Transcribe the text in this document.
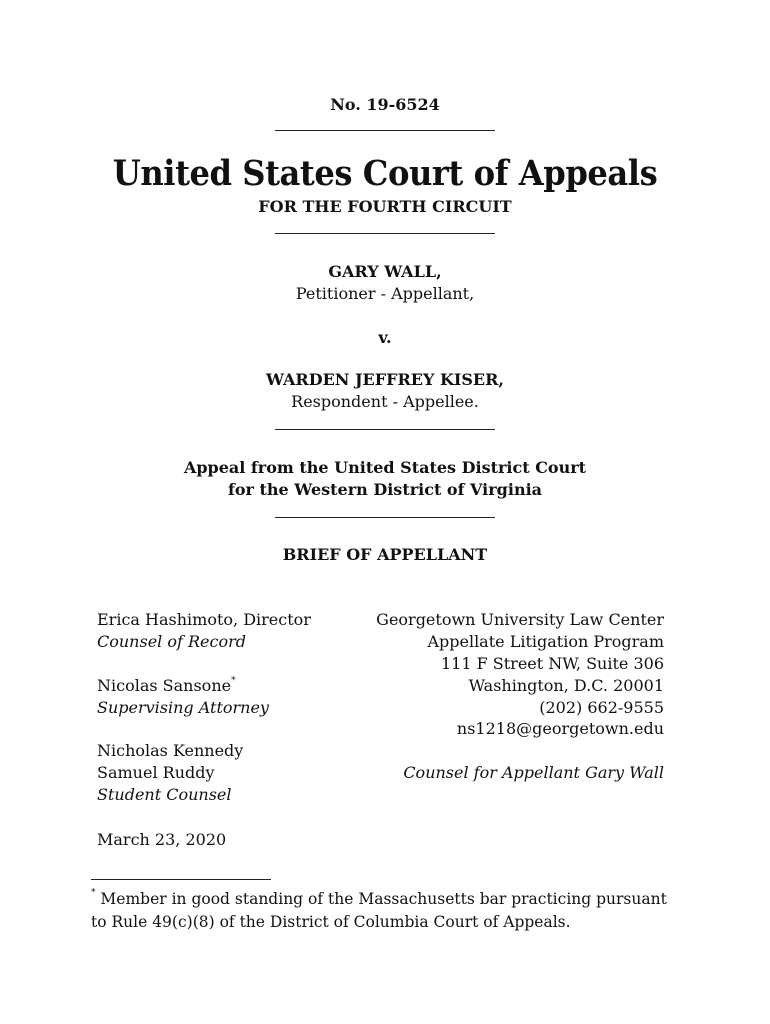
No. 19-6524
United States Court of Appeals
FOR THE FOURTH CIRCUIT
GARY WALL,
Petitioner - Appellant,
v.
WARDEN JEFFREY KISER,
Respondent - Appellee.
Appeal from the United States District Court
for the Western District of Virginia
BRIEF OF APPELLANT
Erica Hashimoto, Director
Counsel of Record
Nicolas Sansone*
Supervising Attorney
Nicholas Kennedy
Samuel Ruddy
Student Counsel
March 23, 2020
Georgetown University Law Center
Appellate Litigation Program
111 F Street NW, Suite 306
Washington, D.C. 20001
(202) 662-9555
ns1218@georgetown.edu
Counsel for Appellant Gary Wall
* Member in good standing of the Massachusetts bar practicing pursuant
to Rule 49(c)(8) of the District of Columbia Court of Appeals.
